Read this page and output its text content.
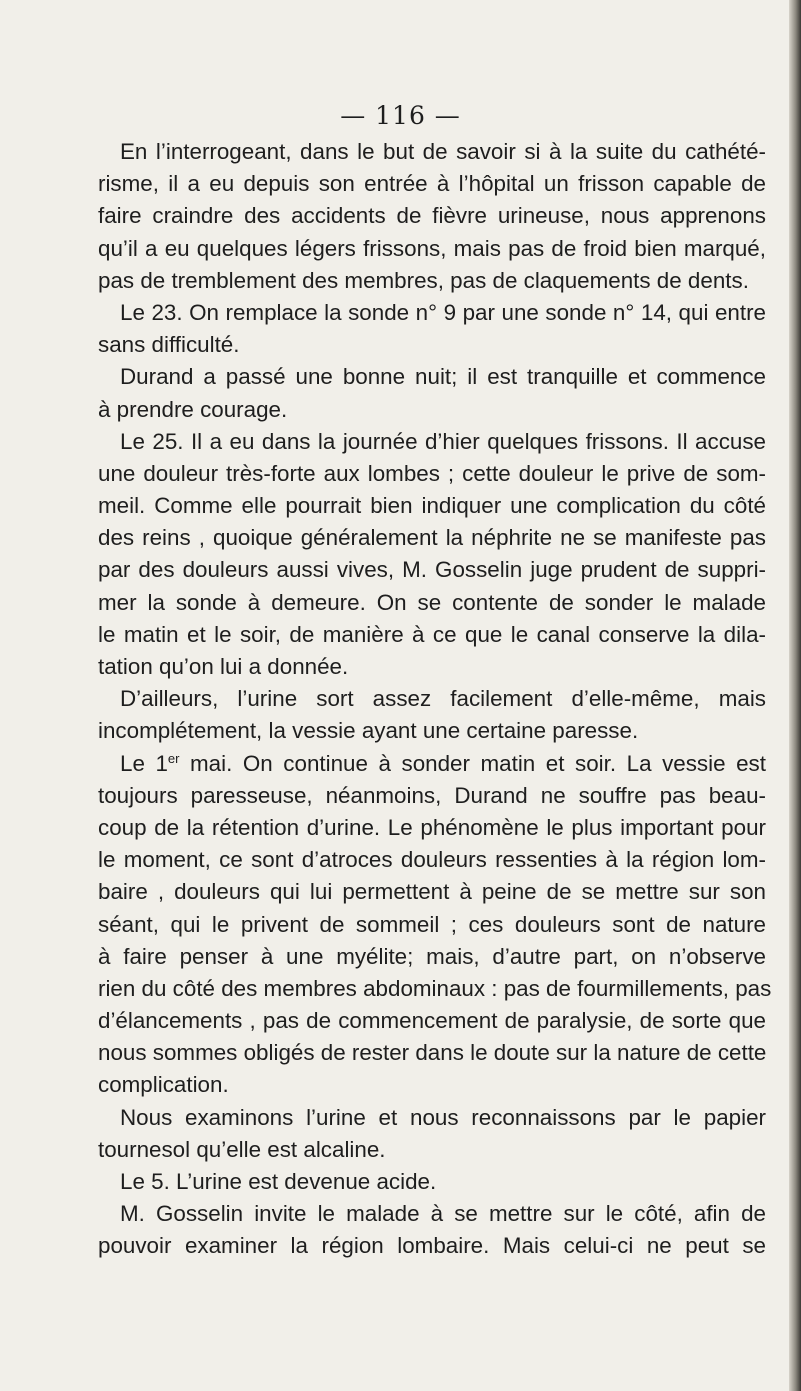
— 116 —
En l’interrogeant, dans le but de savoir si à la suite du cathété-
risme, il a eu depuis son entrée à l’hôpital un frisson capable de
faire craindre des accidents de fièvre urineuse, nous apprenons
qu’il a eu quelques légers frissons, mais pas de froid bien marqué,
pas de tremblement des membres, pas de claquements de dents.
Le 23. On remplace la sonde n° 9 par une sonde n° 14, qui entre
sans difficulté.
Durand a passé une bonne nuit; il est tranquille et commence
à prendre courage.
Le 25. Il a eu dans la journée d’hier quelques frissons. Il accuse
une douleur très-forte aux lombes ; cette douleur le prive de som-
meil. Comme elle pourrait bien indiquer une complication du côté
des reins , quoique généralement la néphrite ne se manifeste pas
par des douleurs aussi vives, M. Gosselin juge prudent de suppri-
mer la sonde à demeure. On se contente de sonder le malade
le matin et le soir, de manière à ce que le canal conserve la dila-
tation qu’on lui a donnée.
D’ailleurs, l’urine sort assez facilement d’elle-même, mais
incomplétement, la vessie ayant une certaine paresse.
Le 1er mai. On continue à sonder matin et soir. La vessie est
toujours paresseuse, néanmoins, Durand ne souffre pas beau-
coup de la rétention d’urine. Le phénomène le plus important pour
le moment, ce sont d’atroces douleurs ressenties à la région lom-
baire , douleurs qui lui permettent à peine de se mettre sur son
séant, qui le privent de sommeil ; ces douleurs sont de nature
à faire penser à une myélite; mais, d’autre part, on n’observe
rien du côté des membres abdominaux : pas de fourmillements, pas
d’élancements , pas de commencement de paralysie, de sorte que
nous sommes obligés de rester dans le doute sur la nature de cette
complication.
Nous examinons l’urine et nous reconnaissons par le papier
tournesol qu’elle est alcaline.
Le 5. L’urine est devenue acide.
M. Gosselin invite le malade à se mettre sur le côté, afin de
pouvoir examiner la région lombaire. Mais celui-ci ne peut se
